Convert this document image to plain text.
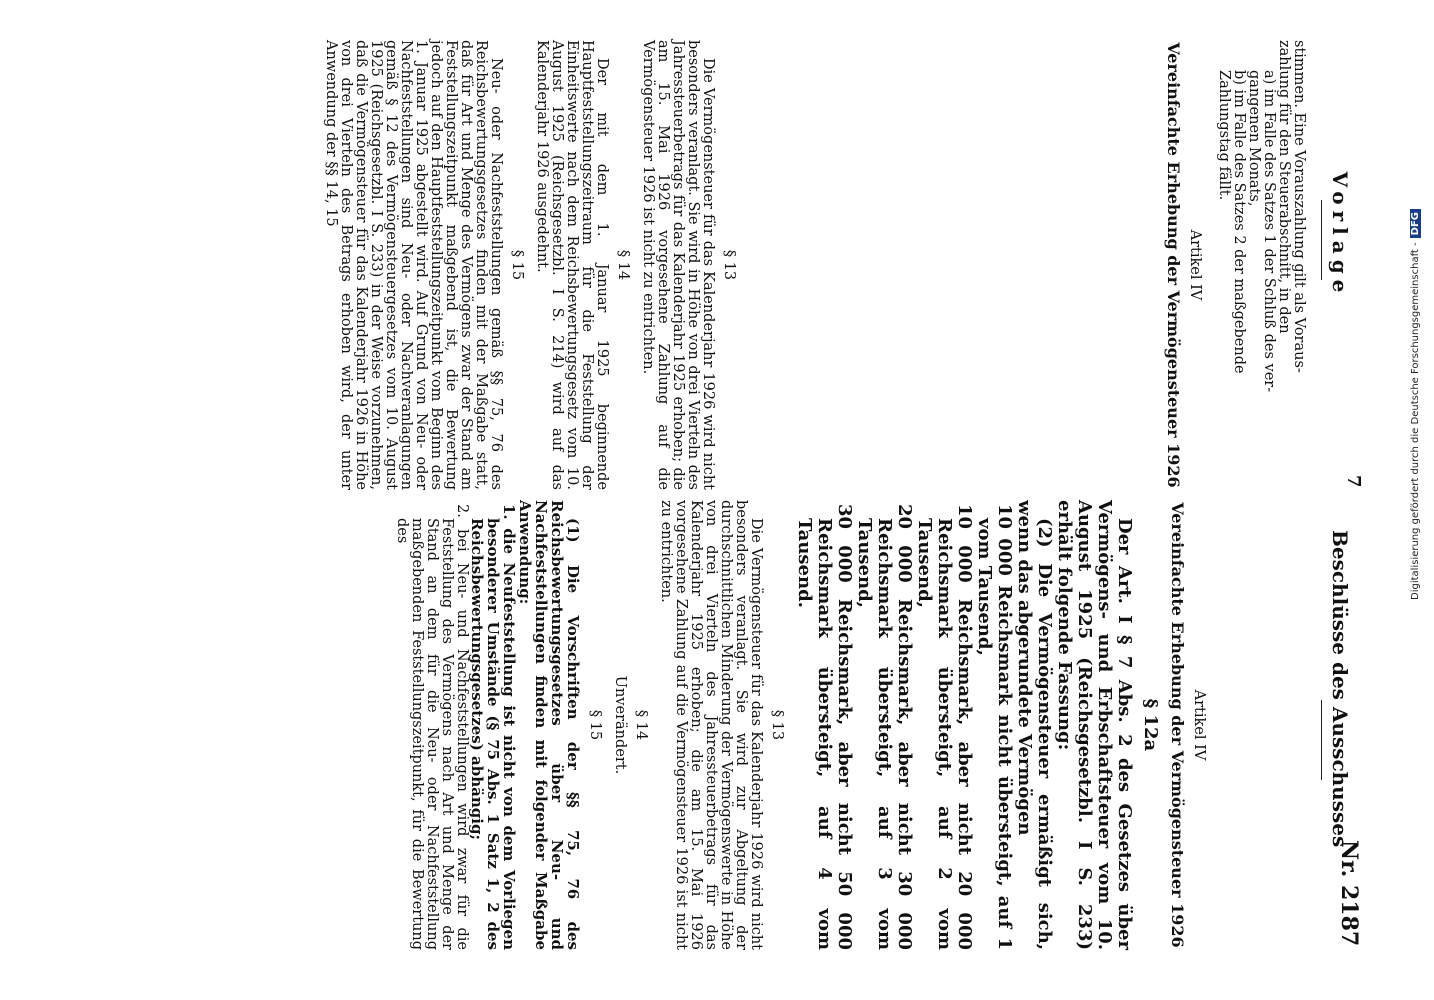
Vorlage
7
Beschlüsse des Ausschusses
Nr. 2187

stimmen. Eine Vorauszahlung gilt als Voraus-

zahlung für den Steuerabschnitt, in den

a) im Falle des Satzes 1 der Schluß des ver-
gangenen Monats,
b) im Falle des Satzes 2 der maßgebende
Zahlungstag fällt.
Artikel IV
Vereinfachte Erhebung der Vermögensteuer 1926
§ 13

Die Vermögensteuer für das Kalenderjahr 1926 wird nicht besonders veranlagt. Sie wird in Höhe von drei Vierteln des Jahressteuerbetrags für das Kalenderjahr 1925 erhoben; die am 15. Mai 1926 vorgesehene Zahlung auf die Vermögensteuer 1926 ist nicht zu entrichten.

§ 14

Der mit dem 1. Januar 1925 beginnende Hauptfeststellungszeitraum für die Feststellung der Einheitswerte nach dem Reichsbewertungsgesetz vom 10. August 1925 (Reichsgesetzbl. I S. 214) wird auf das Kalenderjahr 1926 ausgedehnt.

§ 15

Neu- oder Nachfeststellungen gemäß §§ 75, 76 des Reichsbewertungsgesetzes finden mit der Maßgabe statt, daß für Art und Menge des Vermögens zwar der Stand am Feststellungszeitpunkt maßgebend ist, die Bewertung jedoch auf den Hauptfeststellungszeitpunkt vom Beginn des 1. Januar 1925 abgestellt wird. Auf Grund von Neu- oder Nachfeststellungen sind Neu- oder Nachveranlagungen gemäß § 12 des Vermögensteuergesetzes vom 10. August 1925 (Reichsgesetzbl. I S. 233) in der Weise vorzunehmen, daß die Vermögensteuer für das Kalenderjahr 1926 in Höhe von drei Vierteln des Betrags erhoben wird, der unter Anwendung der §§ 14, 15

Artikel IV
Vereinfachte Erhebung der Vermögensteuer 1926
§ 12a

Der Art. I § 7 Abs. 2 des Gesetzes über Vermögens- und Erbschaftsteuer vom 10. August 1925 (Reichsgesetzbl. I S. 233) erhält folgende Fassung:

(2) Die Vermögensteuer ermäßigt sich, wenn das abgerundete Vermögen

10 000 Reichsmark nicht übersteigt, auf 1 vom Tausend,
10 000 Reichsmark, aber nicht 20 000 Reichsmark übersteigt, auf 2 vom Tausend,
20 000 Reichsmark, aber nicht 30 000 Reichsmark übersteigt, auf 3 vom Tausend,
30 000 Reichsmark, aber nicht 50 000 Reichsmark übersteigt, auf 4 vom Tausend.
§ 13

Die Vermögensteuer für das Kalenderjahr 1926 wird nicht besonders veranlagt. Sie wird zur Abgeltung der durchschnittlichen Minderung der Vermögenswerte in Höhe von drei Vierteln des Jahressteuerbetrags für das Kalenderjahr 1925 erhoben; die am 15. Mai 1926 vorgesehene Zahlung auf die Vermögensteuer 1926 ist nicht zu entrichten.

§ 14
Unverändert.
§ 15

(1) Die Vorschriften der §§ 75, 76 des Reichsbewertungsgesetzes über Neu- und Nachfeststellungen finden mit folgender Maßgabe Anwendung:

1. die Neufeststellung ist nicht von dem Vorliegen besonderer Umstände (§ 75 Abs. 1 Satz 1, 2 des Reichsbewertungsgesetzes) abhängig;
2. bei Neu- und Nachfeststellungen wird zwar für die Feststellung des Vermögens nach Art und Menge der Stand an dem für die Neu- oder Nachfeststellung maßgebenden Feststellungszeitpunkt, für die Bewertung des	Digitalisierung gefördert durch die Deutsche Forschungsgemeinschaft -DFG
